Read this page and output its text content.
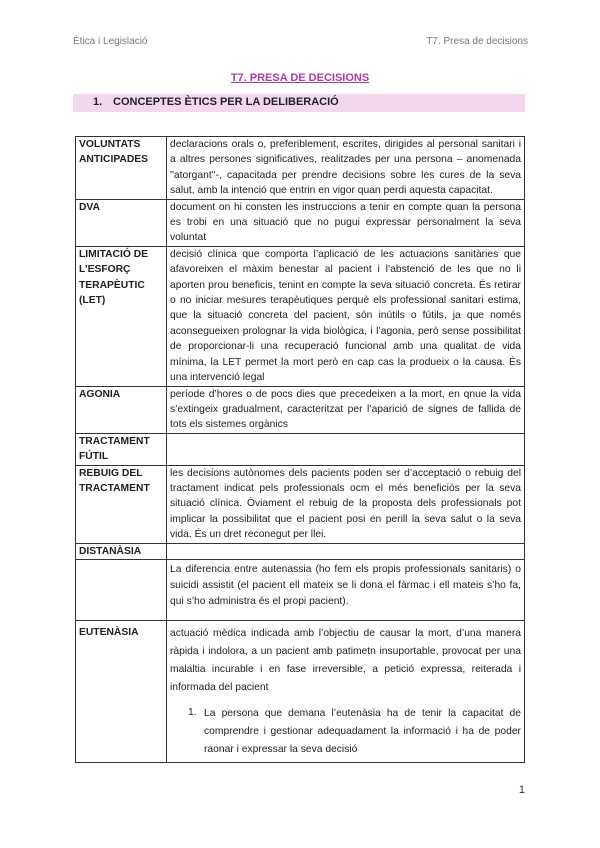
Ètica i Legislació	T7. Presa de decisions
T7. PRESA DE DECISIONS
1. CONCEPTES ÈTICS PER LA DELIBERACIÓ
VOLUNTATS ANTICIPADES	declaracions orals o, preferiblement, escrites, dirigides al personal sanitari i a altres persones significatives, realitzades per una persona – anomenada ''atorgant''-, capacitada per prendre decisions sobre les cures de la seva salut, amb la intenció que entrin en vigor quan perdi aquesta capacitat.
DVA	document on hi consten les instruccions a tenir en compte quan la persona es trobi en una situació que no pugui expressar personalment la seva voluntat
LIMITACIÓ DE L’ESFORÇ TERAPÈUTIC (LET)	decisió clínica que comporta l’aplicació de les actuacions sanitàries que afavoreixen el màxim benestar al pacient i l’abstenció de les que no li aporten prou beneficis, tenint en compte la seva situació concreta. És retirar o no iniciar mesures terapèutiques perquè els professional sanitari estima, que la situació concreta del pacient, són inútils o fútils, ja que només aconsegueixen prolognar la vida biològica, i l’agonia, però sense possibilitat de proporcionar-li una recuperació funcional amb una qualitat de vida mínima, la LET permet la mort però en cap cas la produeix o la causa. És una intervenció legal
AGONIA	període d’hores o de pocs dies que precedeixen a la mort, en qnue la vida s’extingeix gradualment, caracteritzat per l’aparició de signes de fallida de tots els sistemes orgànics
TRACTAMENT FÚTIL	
REBUIG DEL TRACTAMENT	les decisions autònomes dels pacients poden ser d’acceptació o rebuig del tractament indicat pels professionals ocm el més beneficiós per la seva situació clínica. Òviament el rebuig de la proposta dels professionals pot implicar la possibilitat que el pacient posi en perill la seva salut o la seva vida. És un dret reconegut per llei.
DISTANÀSIA	

	La diferencia entre autenassia (ho fem els propis professionals sanitaris) o suicidi assistit (el pacient ell mateix se li dona el fàrmac i ell mateis s’ho fa, qui s’ho administra és el propi pacient).

EUTENÀSIA	actuació mèdica indicada amb l’objectiu de causar la mort, d’una manera ràpida i indolora, a un pacient amb patimetn insuportable, provocat per una malaltia incurable i en fase irreversible, a petició expressa, reiterada i informada del pacient
1. La persona que demana l’eutenàsia ha de tenir la capacitat de comprendre i gestionar adequadament la informació i ha de poder raonar i expressar la seva decisió
1
